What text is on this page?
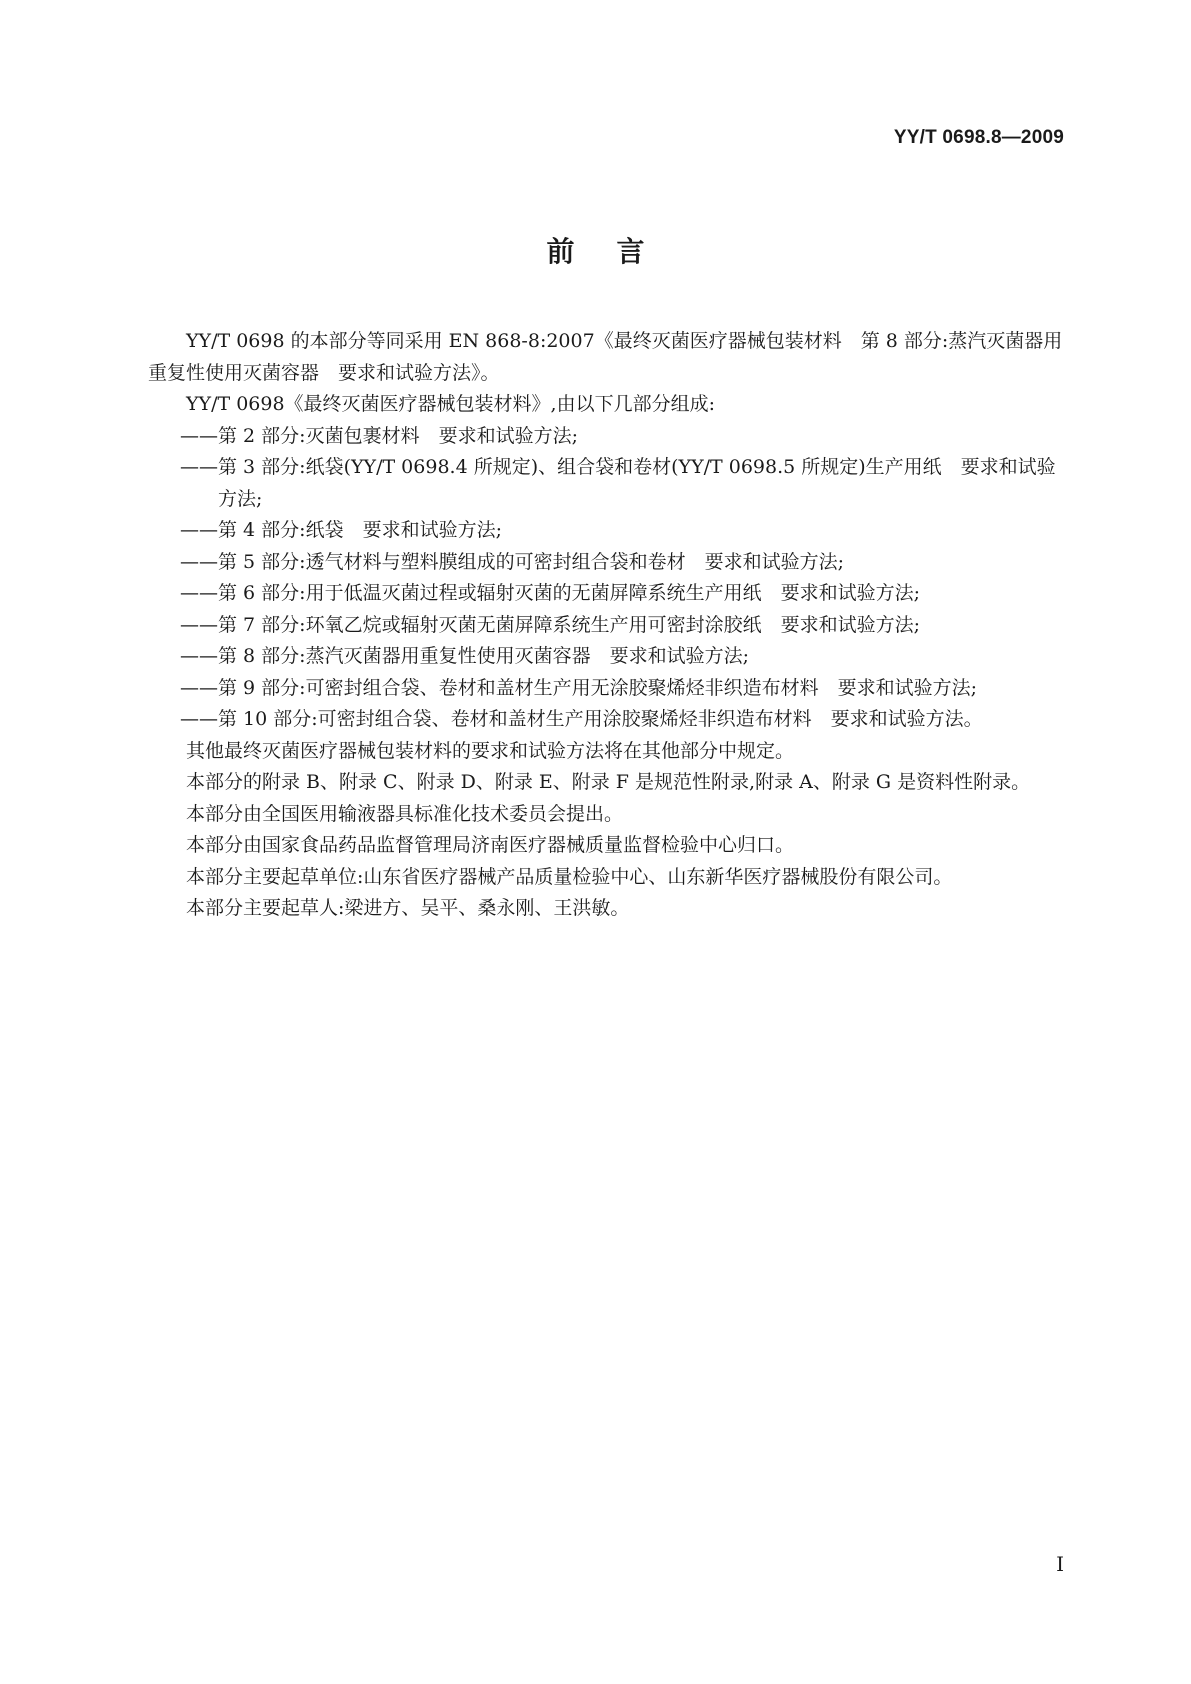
YY/T 0698.8—2009
前言

YY/T 0698 的本部分等同采用 EN 868-8:2007《最终灭菌医疗器械包装材料　第 8 部分:蒸汽灭菌器用重复性使用灭菌容器　要求和试验方法》。

YY/T 0698《最终灭菌医疗器械包装材料》,由以下几部分组成:

——第 2 部分:灭菌包裹材料　要求和试验方法;
——第 3 部分:纸袋(YY/T 0698.4 所规定)、组合袋和卷材(YY/T 0698.5 所规定)生产用纸　要求和试验方法;
——第 4 部分:纸袋　要求和试验方法;
——第 5 部分:透气材料与塑料膜组成的可密封组合袋和卷材　要求和试验方法;
——第 6 部分:用于低温灭菌过程或辐射灭菌的无菌屏障系统生产用纸　要求和试验方法;
——第 7 部分:环氧乙烷或辐射灭菌无菌屏障系统生产用可密封涂胶纸　要求和试验方法;
——第 8 部分:蒸汽灭菌器用重复性使用灭菌容器　要求和试验方法;
——第 9 部分:可密封组合袋、卷材和盖材生产用无涂胶聚烯烃非织造布材料　要求和试验方法;
——第 10 部分:可密封组合袋、卷材和盖材生产用涂胶聚烯烃非织造布材料　要求和试验方法。

其他最终灭菌医疗器械包装材料的要求和试验方法将在其他部分中规定。

本部分的附录 B、附录 C、附录 D、附录 E、附录 F 是规范性附录,附录 A、附录 G 是资料性附录。

本部分由全国医用输液器具标准化技术委员会提出。

本部分由国家食品药品监督管理局济南医疗器械质量监督检验中心归口。

本部分主要起草单位:山东省医疗器械产品质量检验中心、山东新华医疗器械股份有限公司。

本部分主要起草人:梁进方、吴平、桑永刚、王洪敏。

I
